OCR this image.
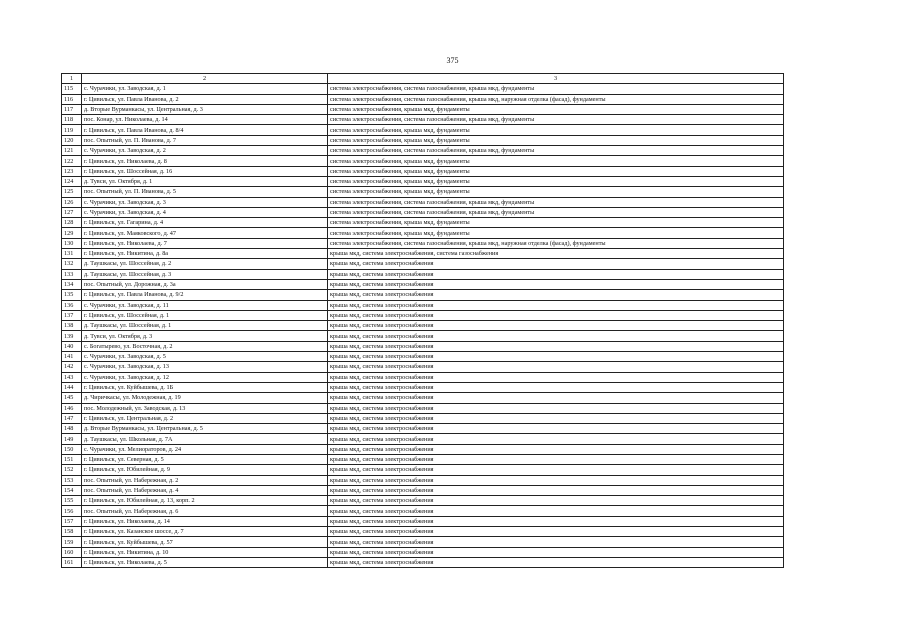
375
1	2	3
115	с. Чурачики, ул. Заводская, д. 1	система электроснабжения, система газоснабжения, крыша мкд, фундаменты
116	г. Цивильск, ул. Павла Иванова, д. 2	система электроснабжения, система газоснабжения, крыша мкд, наружная отделка (фасад), фундаменты
117	д. Вторые Вурманкасы, ул. Центральная, д. 3	система электроснабжения, крыша мкд, фундаменты
118	пос. Конар, ул. Николаева, д. 14	система электроснабжения, система газоснабжения, крыша мкд, фундаменты
119	г. Цивильск, ул. Павла Иванова, д. 8/4	система электроснабжения, крыша мкд, фундаменты
120	пос. Опытный, ул. П. Иванова, д. 7	система электроснабжения, крыша мкд, фундаменты
121	с. Чурачики, ул. Заводская, д. 2	система электроснабжения, система газоснабжения, крыша мкд, фундаменты
122	г. Цивильск, ул. Николаева, д. 8	система электроснабжения, крыша мкд, фундаменты
123	г. Цивильск, ул. Шоссейная, д. 16	система электроснабжения, крыша мкд, фундаменты
124	д. Тувси, ул. Октября, д. 1	система электроснабжения, крыша мкд, фундаменты
125	пос. Опытный, ул. П. Иванова, д. 5	система электроснабжения, крыша мкд, фундаменты
126	с. Чурачики, ул. Заводская, д. 3	система электроснабжения, система газоснабжения, крыша мкд, фундаменты
127	с. Чурачики, ул. Заводская, д. 4	система электроснабжения, система газоснабжения, крыша мкд, фундаменты
128	г. Цивильск, ул. Гагарина, д. 4	система электроснабжения, крыша мкд, фундаменты
129	г. Цивильск, ул. Маяковского, д. 47	система электроснабжения, крыша мкд, фундаменты
130	г. Цивильск, ул. Николаева, д. 7	система электроснабжения, система газоснабжения, крыша мкд, наружная отделка (фасад), фундаменты
131	г. Цивильск, ул. Никитина, д. 8а	крыша мкд, система электроснабжения, система газоснабжения
132	д. Таушкасы, ул. Шоссейная, д. 2	крыша мкд, система электроснабжения
133	д. Таушкасы, ул. Шоссейная, д. 3	крыша мкд, система электроснабжения
134	пос. Опытный, ул. Дорожная, д. 3а	крыша мкд, система электроснабжения
135	г. Цивильск, ул. Павла Иванова, д. 9/2	крыша мкд, система электроснабжения
136	с. Чурачики, ул. Заводская, д. 11	крыша мкд, система электроснабжения
137	г. Цивильск, ул. Шоссейная, д. 1	крыша мкд, система электроснабжения
138	д. Таушкасы, ул. Шоссейная, д. 1	крыша мкд, система электроснабжения
139	д. Тувси, ул. Октября, д. 3	крыша мкд, система электроснабжения
140	с. Богатырево, ул. Восточная, д. 2	крыша мкд, система электроснабжения
141	с. Чурачики, ул. Заводская, д. 5	крыша мкд, система электроснабжения
142	с. Чурачики, ул. Заводская, д. 13	крыша мкд, система электроснабжения
143	с. Чурачики, ул. Заводская, д. 12	крыша мкд, система электроснабжения
144	г. Цивильск, ул. Куйбышева, д. 1Б	крыша мкд, система электроснабжения
145	д. Чиричкасы, ул. Молодежная, д. 19	крыша мкд, система электроснабжения
146	пос. Молодежный, ул. Заводская, д. 13	крыша мкд, система электроснабжения
147	г. Цивильск, ул. Центральная, д. 2	крыша мкд, система электроснабжения
148	д. Вторые Вурманкасы, ул. Центральная, д. 5	крыша мкд, система электроснабжения
149	д. Таушкасы, ул. Школьная, д. 7А	крыша мкд, система электроснабжения
150	с. Чурачики, ул. Мелиораторов, д. 24	крыша мкд, система электроснабжения
151	г. Цивильск, ул. Северная, д. 5	крыша мкд, система электроснабжения
152	г. Цивильск, ул. Юбилейная, д. 9	крыша мкд, система электроснабжения
153	пос. Опытный, ул. Набережная, д. 2	крыша мкд, система электроснабжения
154	пос. Опытный, ул. Набережная, д. 4	крыша мкд, система электроснабжения
155	г. Цивильск, ул. Юбилейная, д. 13, корп. 2	крыша мкд, система электроснабжения
156	пос. Опытный, ул. Набережная, д. 6	крыша мкд, система электроснабжения
157	г. Цивильск, ул. Николаева, д. 14	крыша мкд, система электроснабжения
158	г. Цивильск, ул. Казанское шоссе, д. 7	крыша мкд, система электроснабжения
159	г. Цивильск, ул. Куйбышева, д. 57	крыша мкд, система электроснабжения
160	г. Цивильск, ул. Никитина, д. 10	крыша мкд, система электроснабжения
161	г. Цивильск, ул. Николаева, д. 5	крыша мкд, система электроснабжения
